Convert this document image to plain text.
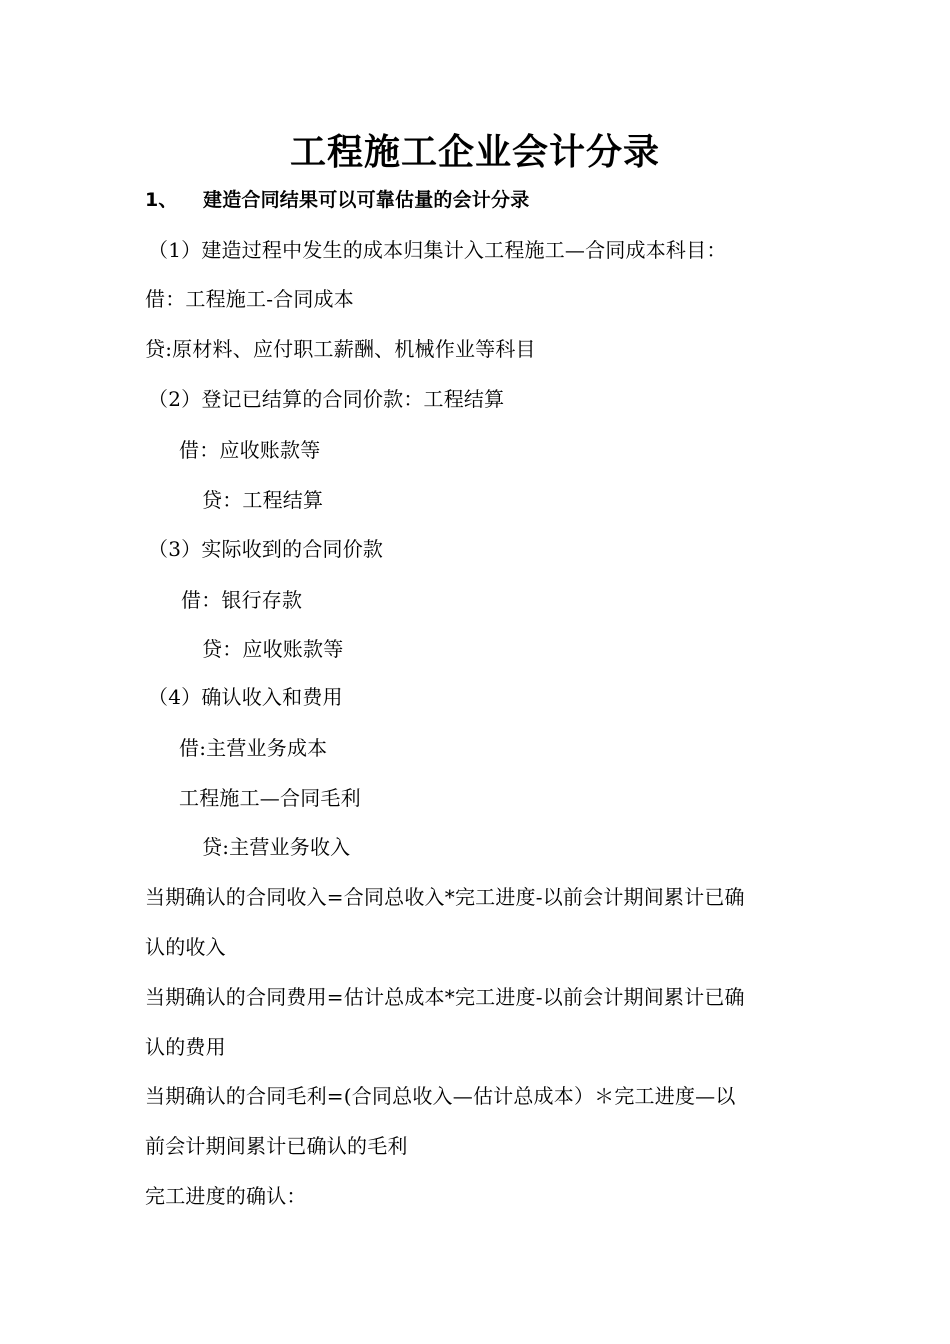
工程施工企业会计分录
1、 建造合同结果可以可靠估量的会计分录
（1）建造过程中发生的成本归集计入工程施工—合同成本科目：
借：工程施工-合同成本
贷:原材料、应付职工薪酬、机械作业等科目
（2）登记已结算的合同价款：工程结算
借：应收账款等
贷：工程结算
（3）实际收到的合同价款
借：银行存款
贷：应收账款等
（4）确认收入和费用
借:主营业务成本
工程施工—合同毛利
贷:主营业务收入
当期确认的合同收入=合同总收入*完工进度-以前会计期间累计已确
认的收入
当期确认的合同费用=估计总成本*完工进度-以前会计期间累计已确
认的费用
当期确认的合同毛利=(合同总收入—估计总成本）＊完工进度—以
前会计期间累计已确认的毛利
完工进度的确认：
